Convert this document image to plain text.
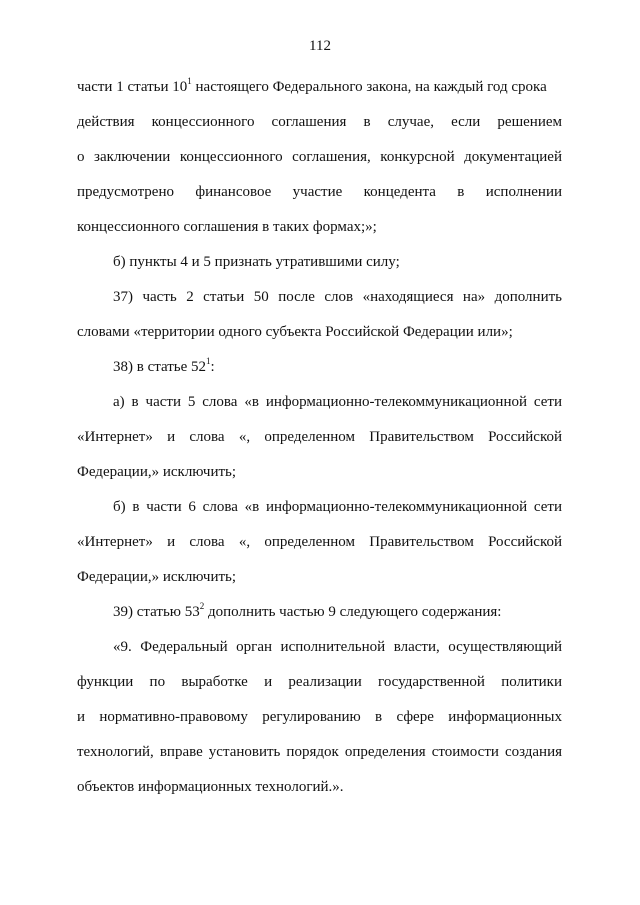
112
части 1 статьи $10^1$ настоящего Федерального закона, на каждый год срока
действия концессионного соглашения в случае, если решением
о заключении концессионного соглашения, конкурсной документацией
предусмотрено финансовое участие концедента в исполнении
концессионного соглашения в таких формах;»;
б) пункты 4 и 5 признать утратившими силу;
37) часть 2 статьи 50 после слов «находящиеся на» дополнить
словами «территории одного субъекта Российской Федерации или»;
38) в статье $52^1$:
а) в части 5 слова «в информационно-телекоммуникационной сети
«Интернет» и слова «, определенном Правительством Российской
Федерации,» исключить;
б) в части 6 слова «в информационно-телекоммуникационной сети
«Интернет» и слова «, определенном Правительством Российской
Федерации,» исключить;
39) статью $53^2$ дополнить частью 9 следующего содержания:
«9. Федеральный орган исполнительной власти, осуществляющий
функции по выработке и реализации государственной политики
и нормативно-правовому регулированию в сфере информационных
технологий, вправе установить порядок определения стоимости создания
объектов информационных технологий.».
